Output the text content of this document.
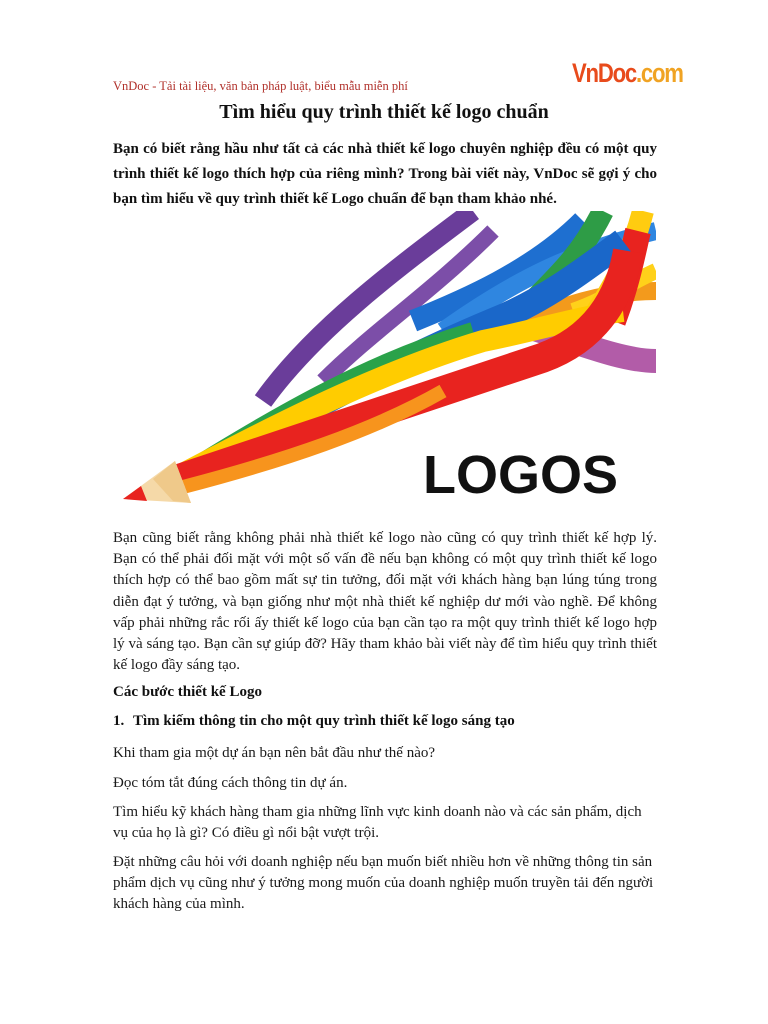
VnDoc - Tải tài liệu, văn bản pháp luật, biểu mẫu miễn phí	VnDoc.com
Tìm hiểu quy trình thiết kế logo chuẩn
Bạn có biết rằng hầu như tất cả các nhà thiết kế logo chuyên nghiệp đều có một quy trình thiết kế logo thích hợp của riêng mình? Trong bài viết này, VnDoc sẽ gợi ý cho bạn tìm hiểu về quy trình thiết kế Logo chuẩn để bạn tham khảo nhé.
LOGOS
Bạn cũng biết rằng không phải nhà thiết kế logo nào cũng có quy trình thiết kế hợp lý. Bạn có thể phải đối mặt với một số vấn đề nếu bạn không có một quy trình thiết kế logo thích hợp có thể bao gồm mất sự tin tưởng, đối mặt với khách hàng bạn lúng túng trong diễn đạt ý tưởng, và bạn giống như một nhà thiết kế nghiệp dư mới vào nghề. Để không vấp phải những rắc rối ấy thiết kế logo của bạn cần tạo ra một quy trình thiết kế logo hợp lý và sáng tạo. Bạn cần sự giúp đỡ? Hãy tham khảo bài viết này để tìm hiểu quy trình thiết kế logo đầy sáng tạo.
Các bước thiết kế Logo
1. Tìm kiếm thông tin cho một quy trình thiết kế logo sáng tạo
Khi tham gia một dự án bạn nên bắt đầu như thế nào?
Đọc tóm tắt đúng cách thông tin dự án.
Tìm hiểu kỹ khách hàng tham gia những lĩnh vực kinh doanh nào và các sản phẩm, dịch vụ của họ là gì? Có điều gì nổi bật vượt trội.
Đặt những câu hỏi với doanh nghiệp nếu bạn muốn biết nhiều hơn về những thông tin sản phẩm dịch vụ cũng như ý tưởng mong muốn của doanh nghiệp muốn truyền tải đến người khách hàng của mình.
